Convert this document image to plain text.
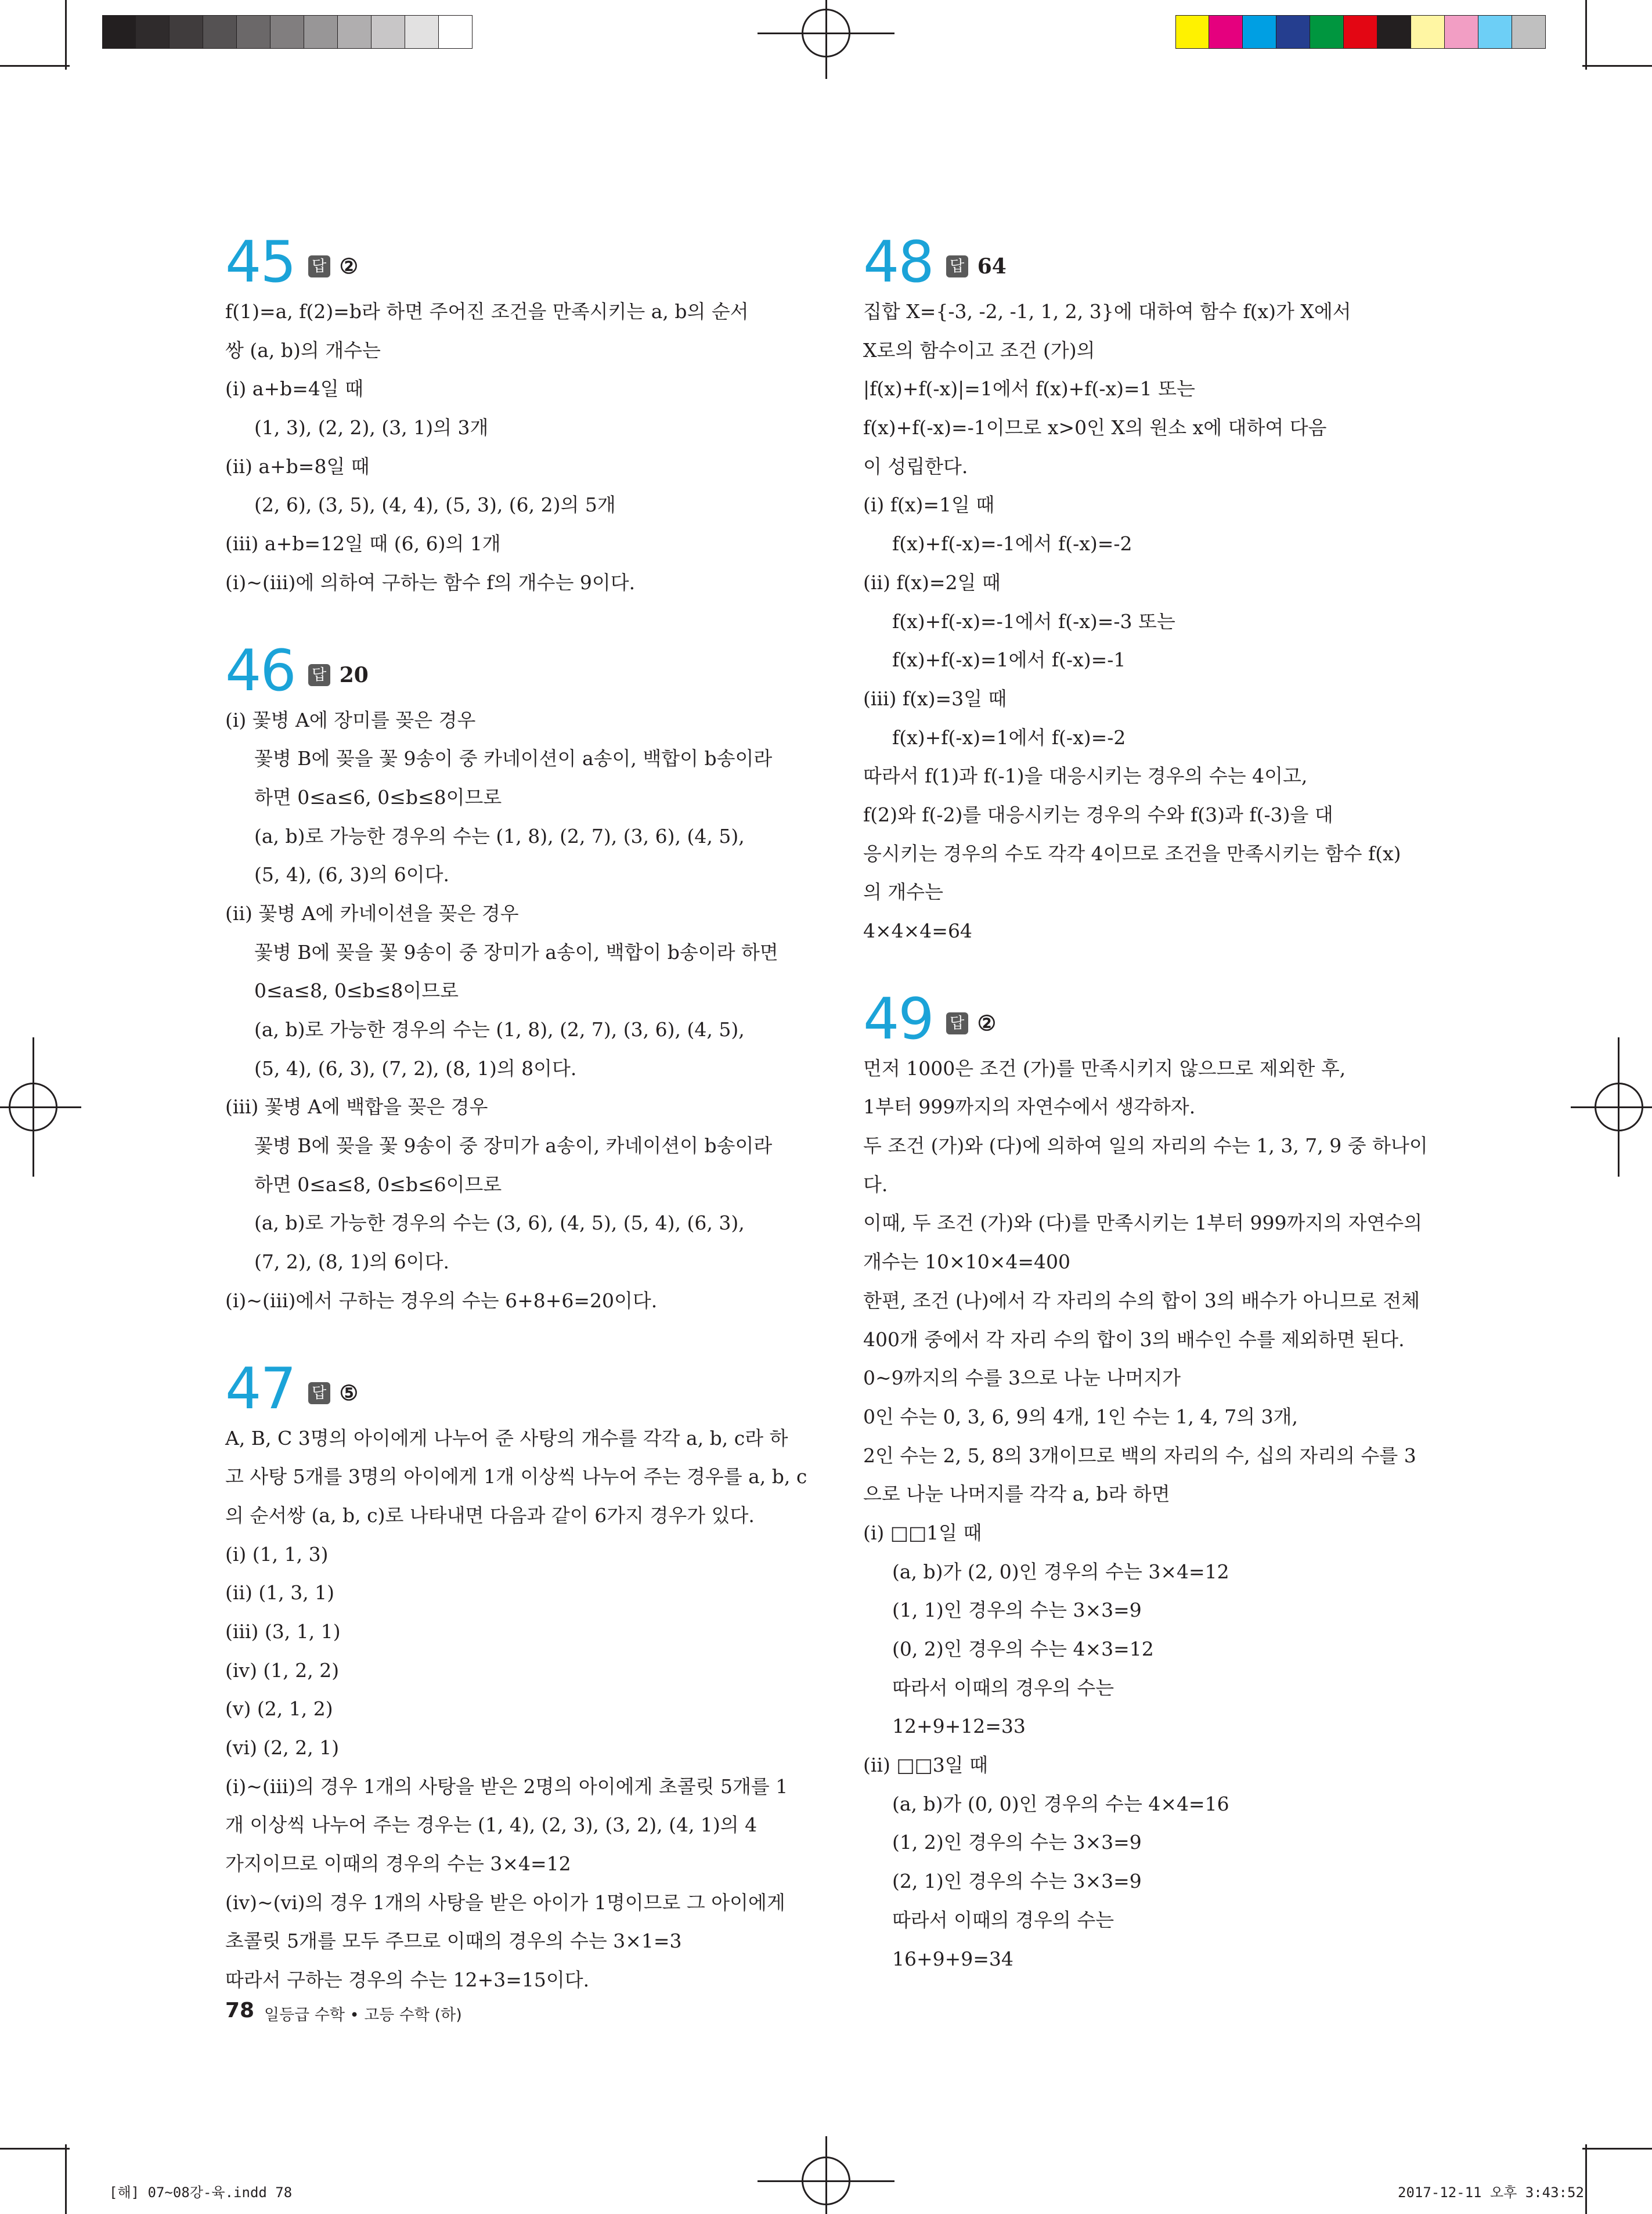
45 답 ②
f(1)=a, f(2)=b라 하면 주어진 조건을 만족시키는 a, b의 순서
쌍 (a, b)의 개수는
(ⅰ) a+b=4일 때
(1, 3), (2, 2), (3, 1)의 3개
(ⅱ) a+b=8일 때
(2, 6), (3, 5), (4, 4), (5, 3), (6, 2)의 5개
(ⅲ) a+b=12일 때 (6, 6)의 1개
(ⅰ)~(ⅲ)에 의하여 구하는 함수 f의 개수는 9이다.
46 답 20
(ⅰ) 꽃병 A에 장미를 꽂은 경우
꽃병 B에 꽂을 꽃 9송이 중 카네이션이 a송이, 백합이 b송이라
하면 0≤a≤6, 0≤b≤8이므로
(a, b)로 가능한 경우의 수는 (1, 8), (2, 7), (3, 6), (4, 5),
(5, 4), (6, 3)의 6이다.
(ⅱ) 꽃병 A에 카네이션을 꽂은 경우
꽃병 B에 꽂을 꽃 9송이 중 장미가 a송이, 백합이 b송이라 하면
0≤a≤8, 0≤b≤8이므로
(a, b)로 가능한 경우의 수는 (1, 8), (2, 7), (3, 6), (4, 5),
(5, 4), (6, 3), (7, 2), (8, 1)의 8이다.
(ⅲ) 꽃병 A에 백합을 꽂은 경우
꽃병 B에 꽂을 꽃 9송이 중 장미가 a송이, 카네이션이 b송이라
하면 0≤a≤8, 0≤b≤6이므로
(a, b)로 가능한 경우의 수는 (3, 6), (4, 5), (5, 4), (6, 3),
(7, 2), (8, 1)의 6이다.
(ⅰ)~(ⅲ)에서 구하는 경우의 수는 6+8+6=20이다.
47 답 ⑤
A, B, C 3명의 아이에게 나누어 준 사탕의 개수를 각각 a, b, c라 하
고 사탕 5개를 3명의 아이에게 1개 이상씩 나누어 주는 경우를 a, b, c
의 순서쌍 (a, b, c)로 나타내면 다음과 같이 6가지 경우가 있다.
(ⅰ) (1, 1, 3)
(ⅱ) (1, 3, 1)
(ⅲ) (3, 1, 1)
(ⅳ) (1, 2, 2)
(ⅴ) (2, 1, 2)
(ⅵ) (2, 2, 1)
(ⅰ)~(ⅲ)의 경우 1개의 사탕을 받은 2명의 아이에게 초콜릿 5개를 1
개 이상씩 나누어 주는 경우는 (1, 4), (2, 3), (3, 2), (4, 1)의 4
가지이므로 이때의 경우의 수는 3×4=12
(ⅳ)~(ⅵ)의 경우 1개의 사탕을 받은 아이가 1명이므로 그 아이에게
초콜릿 5개를 모두 주므로 이때의 경우의 수는 3×1=3
따라서 구하는 경우의 수는 12+3=15이다.
48 답 64
집합 X={-3, -2, -1, 1, 2, 3}에 대하여 함수 f(x)가 X에서
X로의 함수이고 조건 (가)의
|f(x)+f(-x)|=1에서 f(x)+f(-x)=1 또는
f(x)+f(-x)=-1이므로 x>0인 X의 원소 x에 대하여 다음
이 성립한다.
(ⅰ) f(x)=1일 때
f(x)+f(-x)=-1에서 f(-x)=-2
(ⅱ) f(x)=2일 때
f(x)+f(-x)=-1에서 f(-x)=-3 또는
f(x)+f(-x)=1에서 f(-x)=-1
(ⅲ) f(x)=3일 때
f(x)+f(-x)=1에서 f(-x)=-2
따라서 f(1)과 f(-1)을 대응시키는 경우의 수는 4이고,
f(2)와 f(-2)를 대응시키는 경우의 수와 f(3)과 f(-3)을 대
응시키는 경우의 수도 각각 4이므로 조건을 만족시키는 함수 f(x)
의 개수는
4×4×4=64
49 답 ②
먼저 1000은 조건 (가)를 만족시키지 않으므로 제외한 후,
1부터 999까지의 자연수에서 생각하자.
두 조건 (가)와 (다)에 의하여 일의 자리의 수는 1, 3, 7, 9 중 하나이
다.
이때, 두 조건 (가)와 (다)를 만족시키는 1부터 999까지의 자연수의
개수는 10×10×4=400
한편, 조건 (나)에서 각 자리의 수의 합이 3의 배수가 아니므로 전체
400개 중에서 각 자리 수의 합이 3의 배수인 수를 제외하면 된다.
0~9까지의 수를 3으로 나눈 나머지가
0인 수는 0, 3, 6, 9의 4개, 1인 수는 1, 4, 7의 3개,
2인 수는 2, 5, 8의 3개이므로 백의 자리의 수, 십의 자리의 수를 3
으로 나눈 나머지를 각각 a, b라 하면
(ⅰ) □□1일 때
(a, b)가 (2, 0)인 경우의 수는 3×4=12
(1, 1)인 경우의 수는 3×3=9
(0, 2)인 경우의 수는 4×3=12
따라서 이때의 경우의 수는
12+9+12=33
(ⅱ) □□3일 때
(a, b)가 (0, 0)인 경우의 수는 4×4=16
(1, 2)인 경우의 수는 3×3=9
(2, 1)인 경우의 수는 3×3=9
따라서 이때의 경우의 수는
16+9+9=34
78 일등급 수학 • 고등 수학 (하)
[해] 07~08강-육.indd 78	2017-12-11 오후 3:43:52
